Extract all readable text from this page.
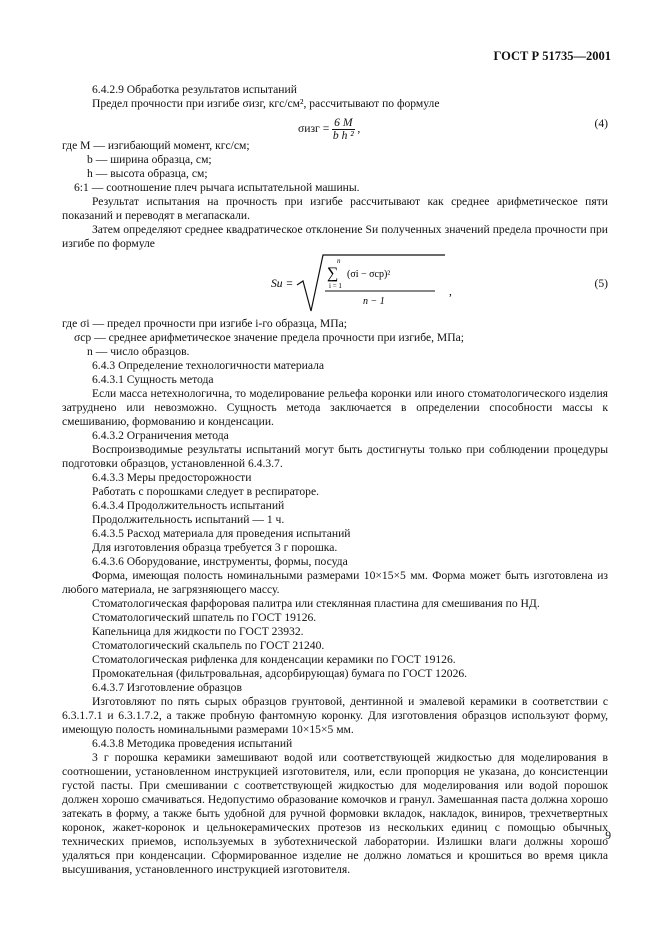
ГОСТ Р 51735—2001

6.4.2.9 Обработка результатов испытаний

Предел прочности при изгибе σизг, кгс/см², рассчитывают по формуле

$\sigma изг = \frac{6 M}{\text{b h ²}}$ ,	(4)

где M — изгибающий момент, кгс/см;

b — ширина образца, см;

h — высота образца, см;

6:1 — соотношение плеч рычага испытательной машины.

Результат испытания на прочность при изгибе рассчитывают как среднее арифметическое пяти показаний и переводят в мегапаскали.

Затем определяют среднее квадратическое отклонение Sи полученных значений предела прочности при изгибе по формуле

Sи =
n
∑
i = 1
(σi − σср)²
n − 1
,
(5)

где σi — предел прочности при изгибе i-го образца, МПа;

σср — среднее арифметическое значение предела прочности при изгибе, МПа;

n — число образцов.

6.4.3 Определение технологичности материала

6.4.3.1 Сущность метода

Если масса нетехнологична, то моделирование рельефа коронки или иного стоматологического изделия затруднено или невозможно. Сущность метода заключается в определении способности массы к смешиванию, формованию и конденсации.

6.4.3.2 Ограничения метода

Воспроизводимые результаты испытаний могут быть достигнуты только при соблюдении процедуры подготовки образцов, установленной 6.4.3.7.

6.4.3.3 Меры предосторожности

Работать с порошками следует в респираторе.

6.4.3.4 Продолжительность испытаний

Продолжительность испытаний — 1 ч.

6.4.3.5 Расход материала для проведения испытаний

Для изготовления образца требуется 3 г порошка.

6.4.3.6 Оборудование, инструменты, формы, посуда

Форма, имеющая полость номинальными размерами 10×15×5 мм. Форма может быть изготовлена из любого материала, не загрязняющего массу.

Стоматологическая фарфоровая палитра или стеклянная пластина для смешивания по НД.

Стоматологический шпатель по ГОСТ 19126.

Капельница для жидкости по ГОСТ 23932.

Стоматологический скальпель по ГОСТ 21240.

Стоматологическая рифленка для конденсации керамики по ГОСТ 19126.

Промокательная (фильтровальная, адсорбирующая) бумага по ГОСТ 12026.

6.4.3.7 Изготовление образцов

Изготовляют по пять сырых образцов грунтовой, дентинной и эмалевой керамики в соответствии с 6.3.1.7.1 и 6.3.1.7.2, а также пробную фантомную коронку. Для изготовления образцов используют форму, имеющую полость номинальными размерами 10×15×5 мм.

6.4.3.8 Методика проведения испытаний

3 г порошка керамики замешивают водой или соответствующей жидкостью для моделирования в соотношении, установленном инструкцией изготовителя, или, если пропорция не указана, до консистенции густой пасты. При смешивании с соответствующей жидкостью для моделирования или водой порошок должен хорошо смачиваться. Недопустимо образование комочков и гранул. Замешанная паста должна хорошо затекать в форму, а также быть удобной для ручной формовки вкладок, накладок, виниров, трехчетвертных коронок, жакет-коронок и цельнокерамических протезов из нескольких единиц с помощью обычных технических приемов, используемых в зуботехнической лаборатории. Излишки влаги должны хорошо удаляться при конденсации. Сформированное изделие не должно ломаться и крошиться во время цикла высушивания, установленного инструкцией изготовителя.

9
